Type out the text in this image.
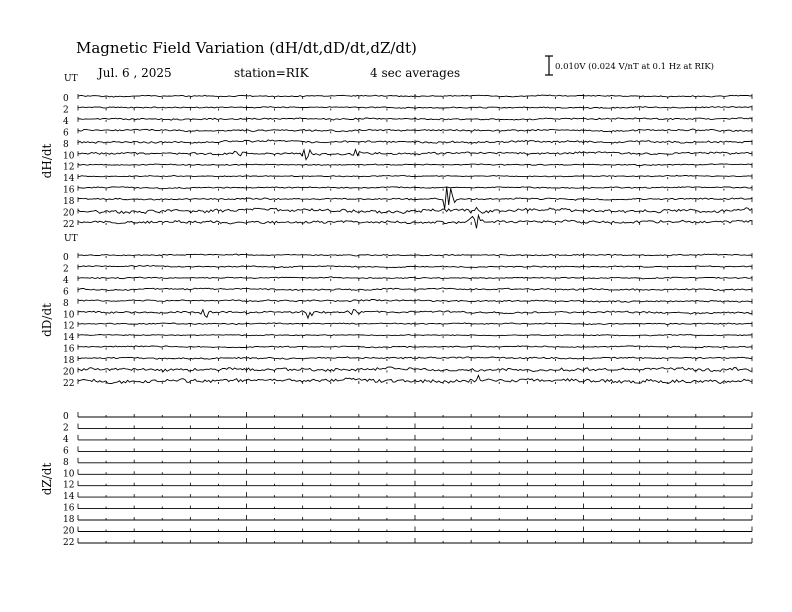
Magnetic Field Variation (dH/dt,dD/dt,dZ/dt)
Jul. 6 , 2025	station=RIK	4 sec averages	0.010V (0.024 V/nT at 0.1 Hz at RIK)
UT
dH/dt
0
2
4
6
8
10
12
14
16
18
20
22
UT
dD/dt
0
2
4
6
8
10
12
14
16
18
20
22
dZ/dt
0
2
4
6
8
10
12
14
16
18
20
22
